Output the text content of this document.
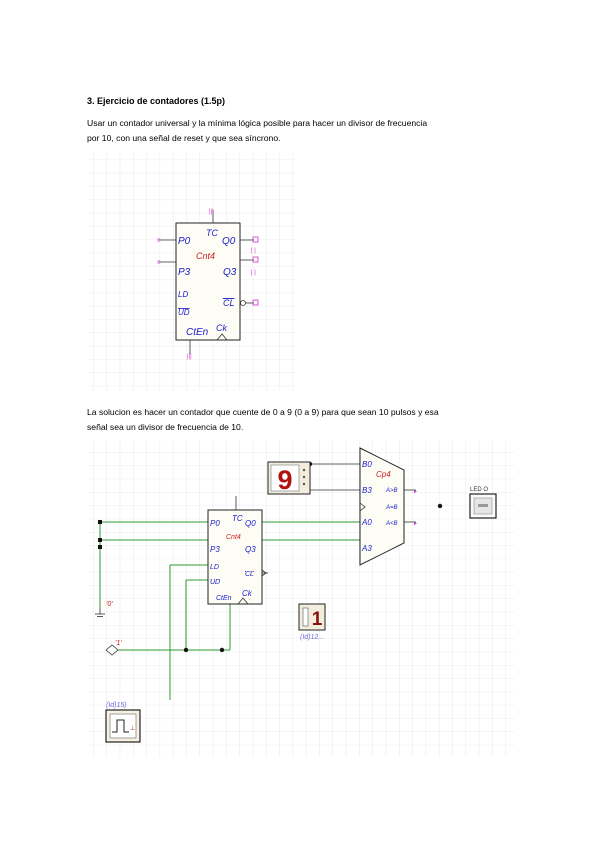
3. Ejercicio de contadores (1.5p)
Usar un contador universal y la mínima lógica posible para hacer un divisor de frecuencia
por 10, con una señal de reset y que sea síncrono.
La solucion es hacer un contador que cuente de 0 a 9 (0 a 9) para que sean 10 pulsos y esa
señal sea un divisor de frecuencia de 10.
|||
≡
≡
| |
| |
|||
TC
P0
P3
LD
UD
CtEn
Q0
Q3
CL
Ck
Cnt4
'0'
'1'
9	Cp4
B0
B3
A0
A3
A>B
A=B
A<B
▸
▸
LED O
TC
P0
P3
LD
UD
CtEn
Q0
Q3
CL
Ck
Cnt4
1
(Id)12...
(Id)15)
⊥
